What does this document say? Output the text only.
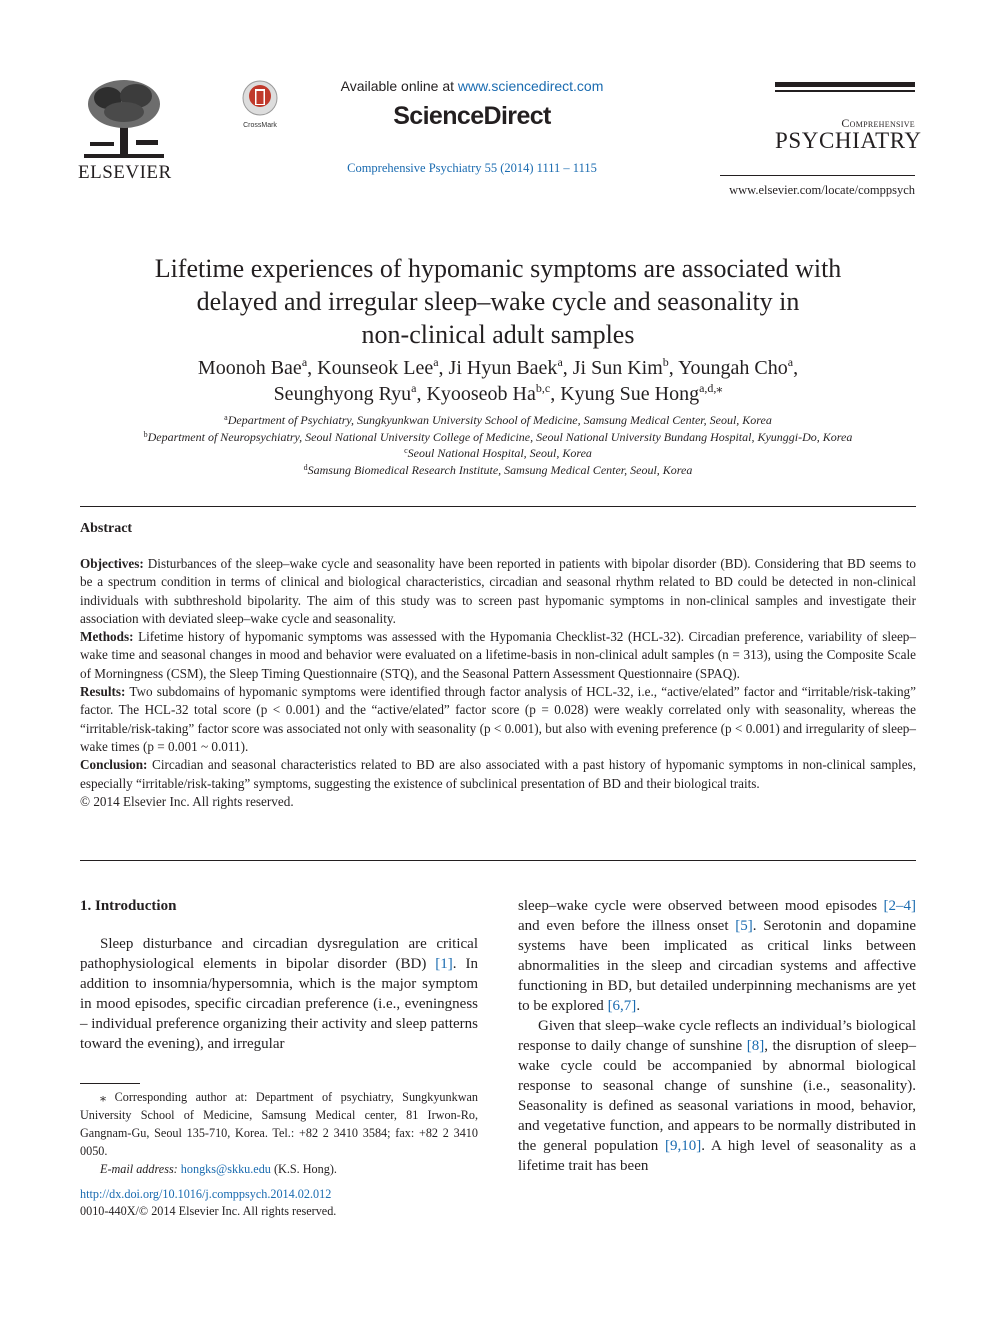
ELSEVIER
CrossMark
Available online at www.sciencedirect.com
ScienceDirect
Comprehensive Psychiatry 55 (2014) 1111 – 1115
Comprehensive
PSYCHIATRY
www.elsevier.com/locate/comppsych
Lifetime experiences of hypomanic symptoms are associated with
delayed and irregular sleep–wake cycle and seasonality in
non-clinical adult samples
Moonoh Bae$^a$, Kounseok Lee$^a$, Ji Hyun Baek$^a$, Ji Sun Kim$^b$, Youngah Cho$^a$,
Seunghyong Ryu$^a$, Kyooseob Ha$^{b,c}$, Kyung Sue Hong$^{a,d,⁎}$
$^a$Department of Psychiatry, Sungkyunkwan University School of Medicine, Samsung Medical Center, Seoul, Korea
$^b$Department of Neuropsychiatry, Seoul National University College of Medicine, Seoul National University Bundang Hospital, Kyunggi-Do, Korea
$^c$Seoul National Hospital, Seoul, Korea
$^d$Samsung Biomedical Research Institute, Samsung Medical Center, Seoul, Korea
Abstract

Objectives: Disturbances of the sleep–wake cycle and seasonality have been reported in patients with bipolar disorder (BD). Considering that BD seems to be a spectrum condition in terms of clinical and biological characteristics, circadian and seasonal rhythm related to BD could be detected in non-clinical individuals with subthreshold bipolarity. The aim of this study was to screen past hypomanic symptoms in non-clinical samples and investigate their association with deviated sleep–wake cycle and seasonality.

Methods: Lifetime history of hypomanic symptoms was assessed with the Hypomania Checklist-32 (HCL-32). Circadian preference, variability of sleep–wake time and seasonal changes in mood and behavior were evaluated on a lifetime-basis in non-clinical adult samples (n = 313), using the Composite Scale of Morningness (CSM), the Sleep Timing Questionnaire (STQ), and the Seasonal Pattern Assessment Questionnaire (SPAQ).

Results: Two subdomains of hypomanic symptoms were identified through factor analysis of HCL-32, i.e., “active/elated” factor and “irritable/risk-taking” factor. The HCL-32 total score (p < 0.001) and the “active/elated” factor score (p = 0.028) were weakly correlated only with seasonality, whereas the “irritable/risk-taking” factor score was associated not only with seasonality (p < 0.001), but also with evening preference (p < 0.001) and irregularity of sleep–wake times (p = 0.001 ~ 0.011).

Conclusion: Circadian and seasonal characteristics related to BD are also associated with a past history of hypomanic symptoms in non-clinical samples, especially “irritable/risk-taking” symptoms, suggesting the existence of subclinical presentation of BD and their biological traits.

© 2014 Elsevier Inc. All rights reserved.

1. Introduction
Sleep disturbance and circadian dysregulation are critical pathophysiological elements in bipolar disorder (BD) [1]. In addition to insomnia/hypersomnia, which is the major symptom in mood episodes, specific circadian preference (i.e., eveningness – individual preference organizing their activity and sleep patterns toward the evening), and irregular
sleep–wake cycle were observed between mood episodes [2–4] and even before the illness onset [5]. Serotonin and dopamine systems have been implicated as critical links between abnormalities in the sleep and circadian systems and affective functioning in BD, but detailed underpinning mechanisms are yet to be explored [6,7].
Given that sleep–wake cycle reflects an individual’s biological response to daily change of sunshine [8], the disruption of sleep–wake cycle could be accompanied by abnormal biological response to seasonal change of sunshine (i.e., seasonality). Seasonality is defined as seasonal variations in mood, behavior, and vegetative function, and appears to be normally distributed in the general population [9,10]. A high level of seasonality as a lifetime trait has been
⁎ Corresponding author at: Department of psychiatry, Sungkyunkwan University School of Medicine, Samsung Medical center, 81 Irwon-Ro, Gangnam-Gu, Seoul 135-710, Korea. Tel.: +82 2 3410 3584; fax: +82 2 3410 0050.
E-mail address: hongks@skku.edu (K.S. Hong).
http://dx.doi.org/10.1016/j.comppsych.2014.02.012
0010-440X/© 2014 Elsevier Inc. All rights reserved.
